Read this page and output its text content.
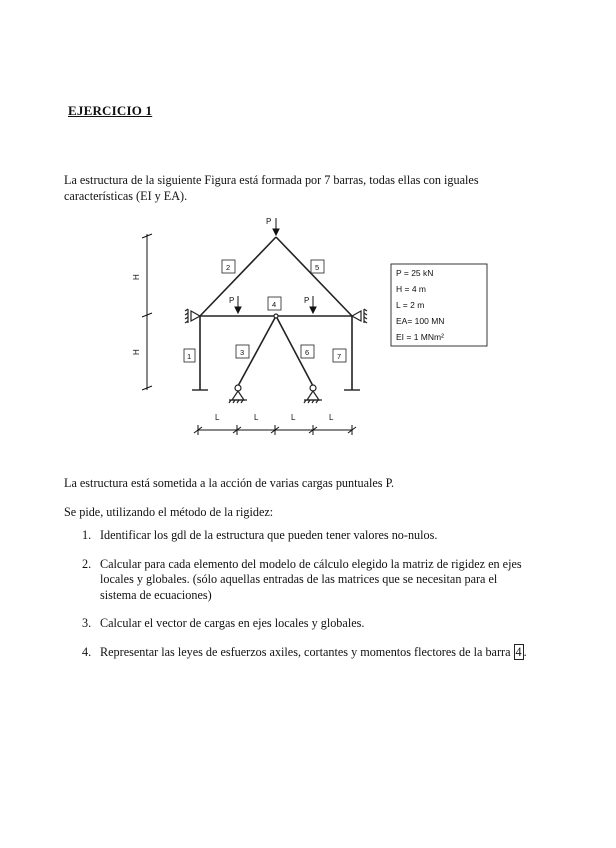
EJERCICIO 1
La estructura de la siguiente Figura está formada por 7 barras, todas ellas con iguales características (EI y EA).
P
P	P
H
H
L	L	L	L
1
2
3
4
5
6	7
P = 25 kN
H = 4 m
L = 2 m
EA= 100 MN
EI = 1 MNm²
La estructura está sometida a la acción de varias cargas puntuales P.
Se pide, utilizando el método de la rigidez:
1. Identificar los gdl de la estructura que pueden tener valores no-nulos.
2. Calcular para cada elemento del modelo de cálculo elegido la matriz de rigidez en ejes locales y globales. (sólo aquellas entradas de las matrices que se necesitan para el sistema de ecuaciones)
3. Calcular el vector de cargas en ejes locales y globales.
4. Representar las leyes de esfuerzos axiles, cortantes y momentos flectores de la barra 4 .
